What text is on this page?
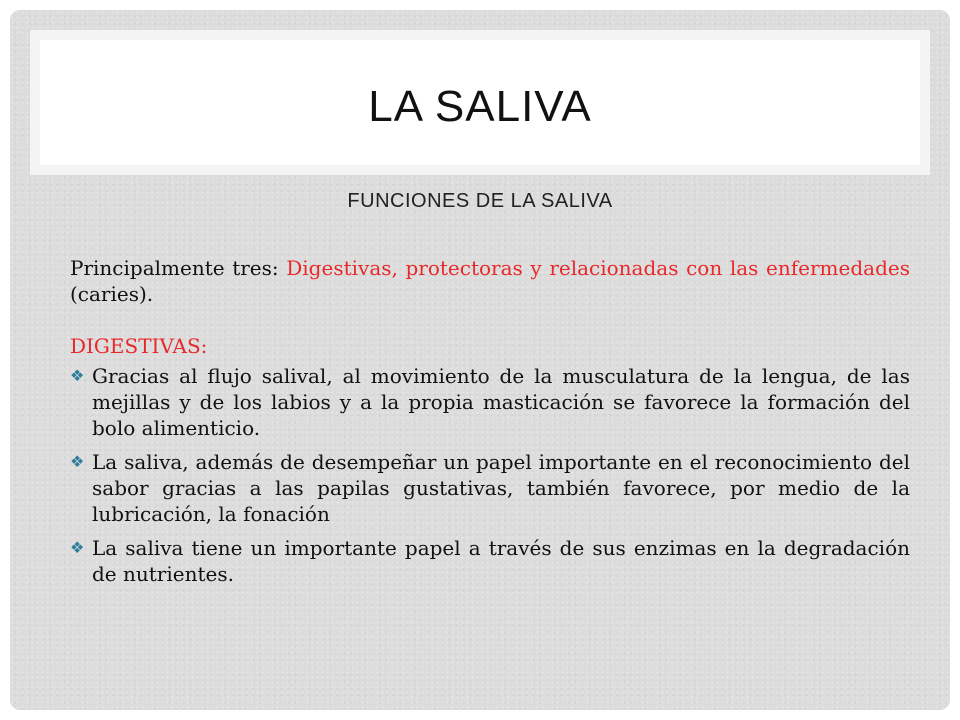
LA SALIVA
FUNCIONES DE LA SALIVA

Principalmente tres: Digestivas, protectoras y relacionadas con las enfermedades (caries).

DIGESTIVAS:

❖ Gracias al flujo salival, al movimiento de la musculatura de la lengua, de las mejillas y de los labios y a la propia masticación se favorece la formación del bolo alimenticio.
❖ La saliva, además de desempeñar un papel importante en el reconocimiento del sabor gracias a las papilas gustativas, también favorece, por medio de la lubricación, la fonación
❖ La saliva tiene un importante papel a través de sus enzimas en la degradación de nutrientes.
